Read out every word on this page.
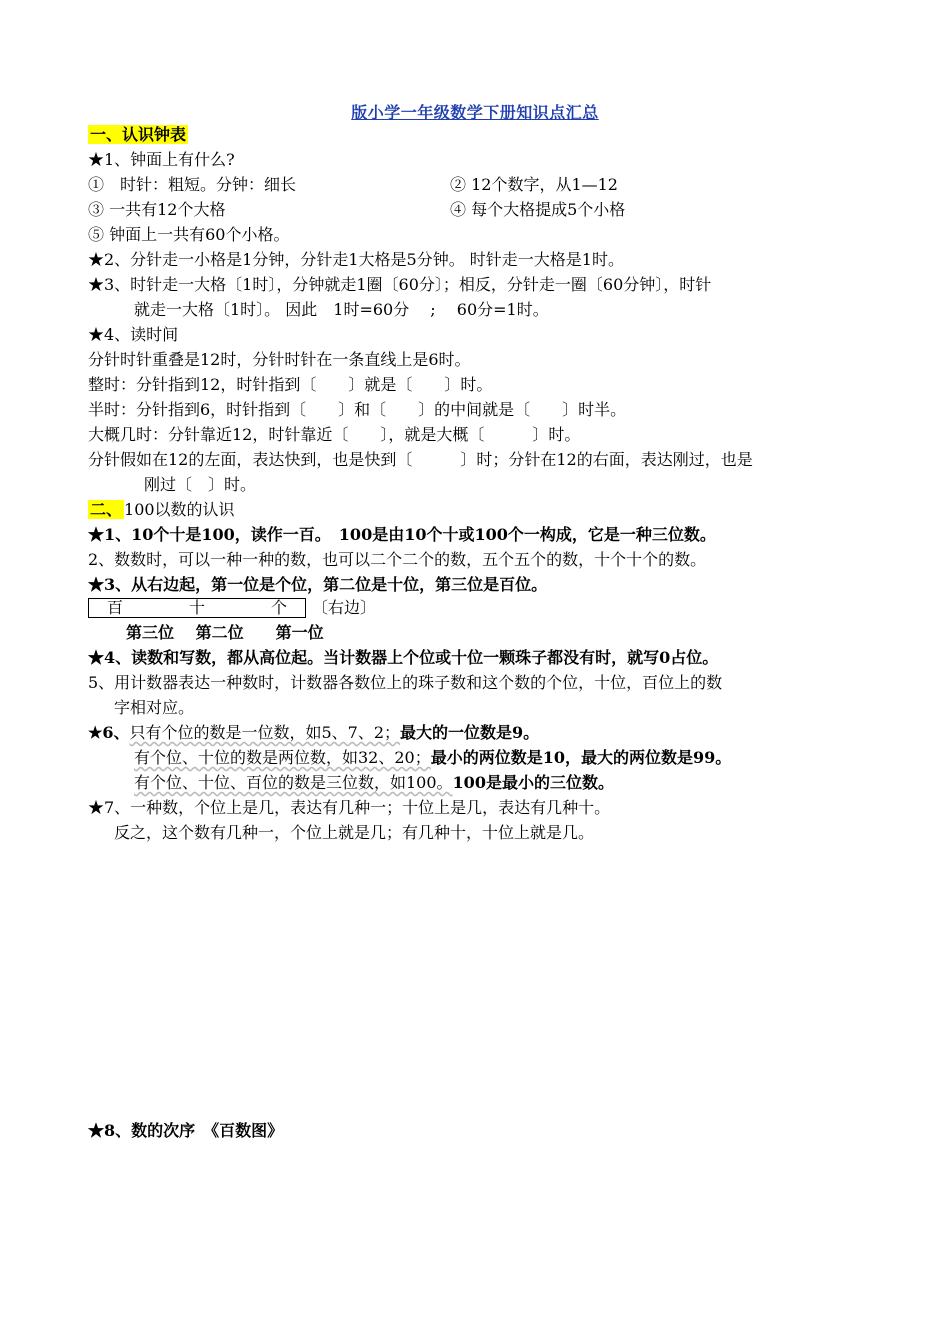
版小学一年级数学下册知识点汇总
一、认识钟表
★1、钟面上有什么?
①　时针：粗短。分钟：细长	② 12个数字，从1—12
③ 一共有12个大格	④ 每个大格提成5个小格
⑤ 钟面上一共有60个小格。
★2、分针走一小格是1分钟，分针走1大格是5分钟。 时针走一大格是1时。
★3、时针走一大格〔1时〕，分钟就走1圈〔60分〕；相反，分针走一圈〔60分钟〕，时针
就走一大格〔1时〕。 因此　1时=60分　 ;　 60分=1时。
★4、读时间
分针时针重叠是12时，分针时针在一条直线上是6时。
整时：分针指到12，时针指到〔　　〕就是〔　　〕时。
半时：分针指到6，时针指到〔　　〕和〔　　〕的中间就是〔　　〕时半。
大概几时：分针靠近12，时针靠近〔　　〕，就是大概〔　　　〕时。
分针假如在12的左面，表达快到，也是快到〔　　　〕时；分针在12的右面，表达刚过，也是
刚过〔　〕时。
二、 100以数的认识
★1、10个十是100，读作一百。　100是由10个十或100个一构成，它是一种三位数。
2、数数时，可以一种一种的数，也可以二个二个的数，五个五个的数，十个十个的数。
★3、从右边起，第一位是个位，第二位是十位，第三位是百位。
百	十	个 〔右边〕
第三位　 第二位　　第一位
★4、读数和写数，都从高位起。当计数器上个位或十位一颗珠子都没有时，就写0占位。
5、用计数器表达一种数时，计数器各数位上的珠子数和这个数的个位，十位，百位上的数
字相对应。
★6、只有个位的数是一位数，如5、7、2；最大的一位数是9。
有个位、十位的数是两位数，如32、20；最小的两位数是10，最大的两位数是99。
有个位、十位、百位的数是三位数，如100。100是最小的三位数。
★7、一种数，个位上是几，表达有几种一；十位上是几，表达有几种十。
反之，这个数有几种一，个位上就是几；有几种十，十位上就是几。
★8、数的次序　《百数图》
